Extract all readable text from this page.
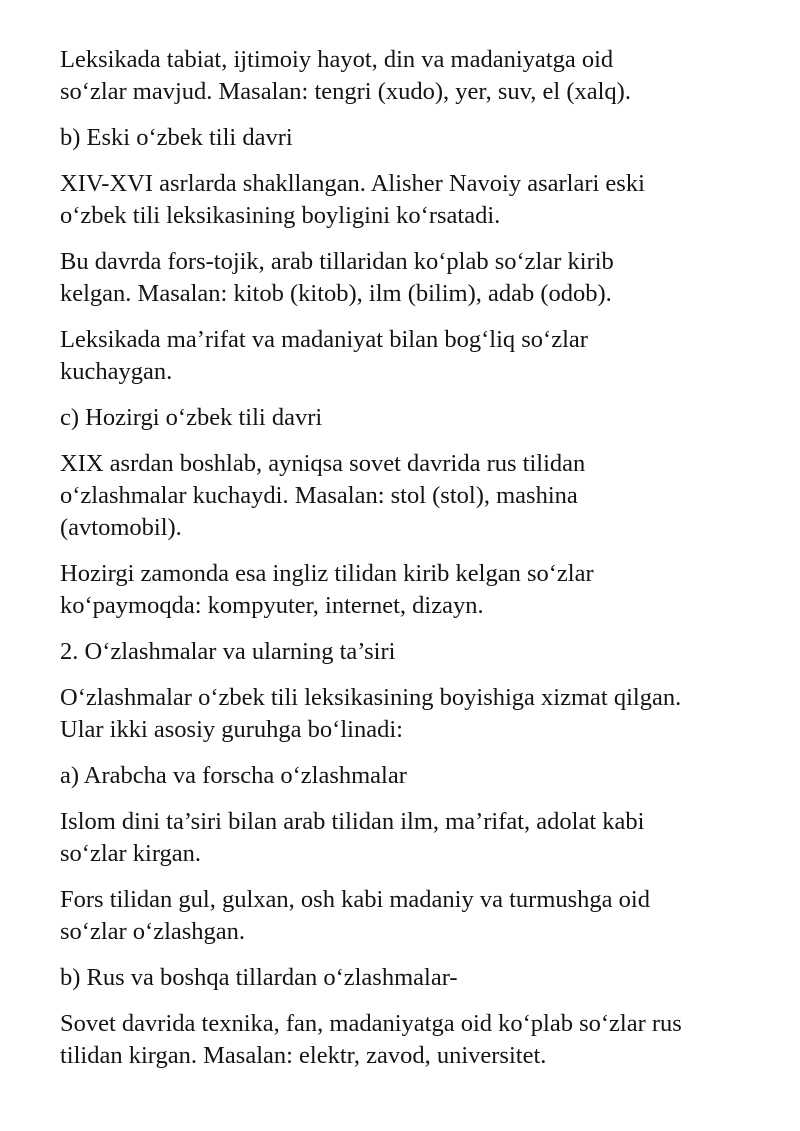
Leksikada tabiat, ijtimoiy hayot, din va madaniyatga oid
so‘zlar mavjud. Masalan: tengri (xudo), yer, suv, el (xalq).

b) Eski o‘zbek tili davri

XIV-XVI asrlarda shakllangan. Alisher Navoiy asarlari eski
o‘zbek tili leksikasining boyligini ko‘rsatadi.

Bu davrda fors-tojik, arab tillaridan ko‘plab so‘zlar kirib
kelgan. Masalan: kitob (kitob), ilm (bilim), adab (odob).

Leksikada ma’rifat va madaniyat bilan bog‘liq so‘zlar
kuchaygan.

c) Hozirgi o‘zbek tili davri

XIX asrdan boshlab, ayniqsa sovet davrida rus tilidan
o‘zlashmalar kuchaydi. Masalan: stol (stol), mashina
(avtomobil).

Hozirgi zamonda esa ingliz tilidan kirib kelgan so‘zlar
ko‘paymoqda: kompyuter, internet, dizayn.

2. O‘zlashmalar va ularning ta’siri

O‘zlashmalar o‘zbek tili leksikasining boyishiga xizmat qilgan.
Ular ikki asosiy guruhga bo‘linadi:

a) Arabcha va forscha o‘zlashmalar

Islom dini ta’siri bilan arab tilidan ilm, ma’rifat, adolat kabi
so‘zlar kirgan.

Fors tilidan gul, gulxan, osh kabi madaniy va turmushga oid
so‘zlar o‘zlashgan.

b) Rus va boshqa tillardan o‘zlashmalar-

Sovet davrida texnika, fan, madaniyatga oid ko‘plab so‘zlar rus
tilidan kirgan. Masalan: elektr, zavod, universitet.
